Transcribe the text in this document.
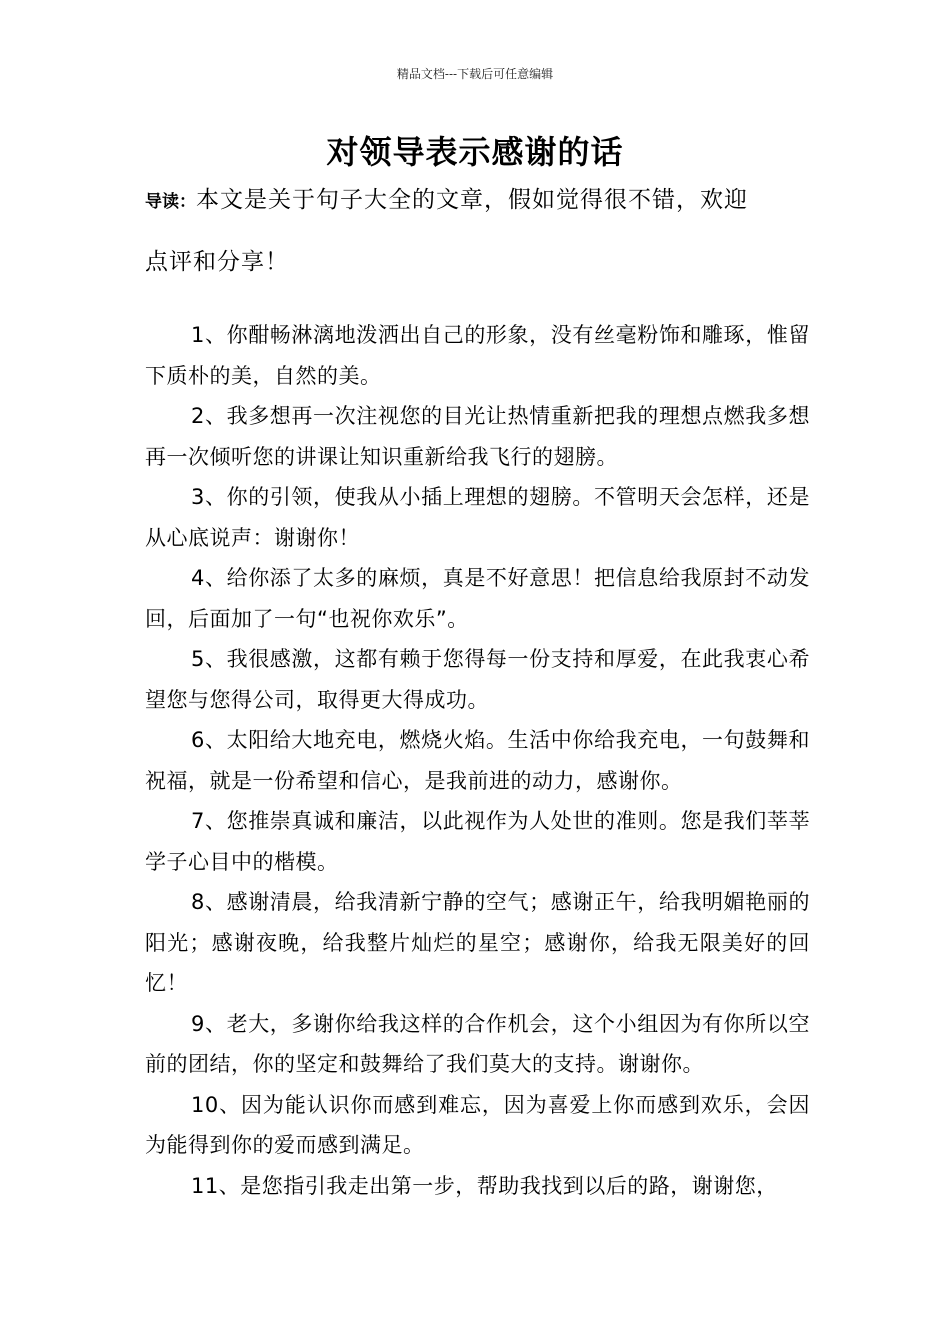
精品文档---下载后可任意编辑
对领导表示感谢的话

导读：本文是关于句子大全的文章，假如觉得很不错，欢迎
点评和分享！

1、你酣畅淋漓地泼洒出自己的形象，没有丝毫粉饰和雕琢，惟留下质朴的美，自然的美。

2、我多想再一次注视您的目光让热情重新把我的理想点燃我多想再一次倾听您的讲课让知识重新给我飞行的翅膀。

3、你的引领，使我从小插上理想的翅膀。不管明天会怎样，还是从心底说声：谢谢你！

4、给你添了太多的麻烦，真是不好意思！把信息给我原封不动发回，后面加了一句“也祝你欢乐”。

5、我很感激，这都有赖于您得每一份支持和厚爱，在此我衷心希望您与您得公司，取得更大得成功。

6、太阳给大地充电，燃烧火焰。生活中你给我充电，一句鼓舞和祝福，就是一份希望和信心，是我前进的动力，感谢你。

7、您推崇真诚和廉洁，以此视作为人处世的准则。您是我们莘莘学子心目中的楷模。

8、感谢清晨，给我清新宁静的空气；感谢正午，给我明媚艳丽的阳光；感谢夜晚，给我整片灿烂的星空；感谢你，给我无限美好的回忆！

9、老大，多谢你给我这样的合作机会，这个小组因为有你所以空前的团结，你的坚定和鼓舞给了我们莫大的支持。谢谢你。

10、因为能认识你而感到难忘，因为喜爱上你而感到欢乐，会因为能得到你的爱而感到满足。

11、是您指引我走出第一步，帮助我找到以后的路，谢谢您，
